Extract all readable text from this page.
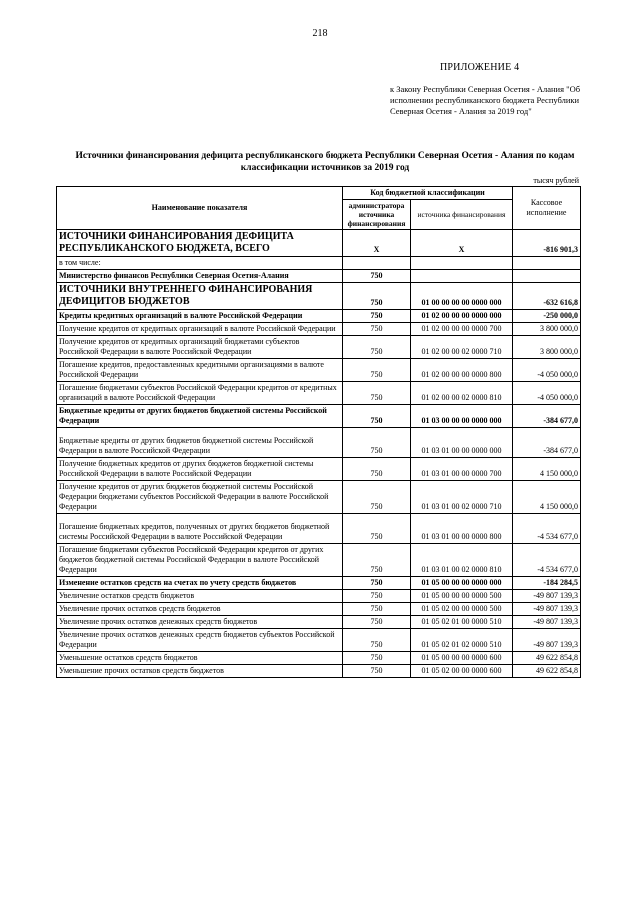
218
ПРИЛОЖЕНИЕ 4
к Закону Республики Северная Осетия - Алания "Об исполнении республиканского бюджета Республики Северная Осетия - Алания за 2019 год"
Источники финансирования дефицита республиканского бюджета Республики Северная Осетия - Алания по кодам классификации источников за 2019 год
тысяч рублей
Наименование показателя	Код бюджетной классификации		Кассовое исполнение
	администратора источника финансирования	источника финансирования	
ИСТОЧНИКИ ФИНАНСИРОВАНИЯ ДЕФИЦИТА РЕСПУБЛИКАНСКОГО БЮДЖЕТА, ВСЕГО	X	X	-816 901,3
в том числе:			
Министерство финансов Республики Северная Осетия-Алания	750		
ИСТОЧНИКИ ВНУТРЕННЕГО ФИНАНСИРОВАНИЯ ДЕФИЦИТОВ БЮДЖЕТОВ	750	01 00 00 00 00 0000 000	-632 616,8
Кредиты кредитных организаций в валюте Российской Федерации	750	01 02 00 00 00 0000 000	-250 000,0
Получение кредитов от кредитных организаций в валюте Российской Федерации	750	01 02 00 00 00 0000 700	3 800 000,0
Получение кредитов от кредитных организаций бюджетами субъектов Российской Федерации в валюте Российской Федерации	750	01 02 00 00 02 0000 710	3 800 000,0
Погашение кредитов, предоставленных кредитными организациями в валюте Российской Федерации	750	01 02 00 00 00 0000 800	-4 050 000,0
Погашение бюджетами субъектов Российской Федерации кредитов от кредитных организаций в валюте Российской Федерации	750	01 02 00 00 02 0000 810	-4 050 000,0
Бюджетные кредиты от других бюджетов бюджетной системы Российской Федерации	750	01 03 00 00 00 0000 000	-384 677,0
Бюджетные кредиты от других бюджетов бюджетной системы Российской Федерации в валюте Российской Федерации	750	01 03 01 00 00 0000 000	-384 677,0
Получение бюджетных кредитов от других бюджетов бюджетной системы Российской Федерации в валюте Российской Федерации	750	01 03 01 00 00 0000 700	4 150 000,0
Получение кредитов от других бюджетов бюджетной системы Российской Федерации бюджетами субъектов Российской Федерации в валюте Российской Федерации	750	01 03 01 00 02 0000 710	4 150 000,0
Погашение бюджетных кредитов, полученных от других бюджетов бюджетной системы Российской Федерации в валюте Российской Федерации	750	01 03 01 00 00 0000 800	-4 534 677,0
Погашение бюджетами субъектов Российской Федерации кредитов от других бюджетов бюджетной системы Российской Федерации в валюте Российской Федерации	750	01 03 01 00 02 0000 810	-4 534 677,0
Изменение остатков средств на счетах по учету средств бюджетов	750	01 05 00 00 00 0000 000	-184 284,5
Увеличение остатков средств бюджетов	750	01 05 00 00 00 0000 500	-49 807 139,3
Увеличение прочих остатков средств бюджетов	750	01 05 02 00 00 0000 500	-49 807 139,3
Увеличение прочих остатков денежных средств бюджетов	750	01 05 02 01 00 0000 510	-49 807 139,3
Увеличение прочих остатков денежных средств бюджетов субъектов Российской Федерации	750	01 05 02 01 02 0000 510	-49 807 139,3
Уменьшение остатков средств бюджетов	750	01 05 00 00 00 0000 600	49 622 854,8
Уменьшение прочих остатков средств бюджетов	750	01 05 02 00 00 0000 600	49 622 854,8
